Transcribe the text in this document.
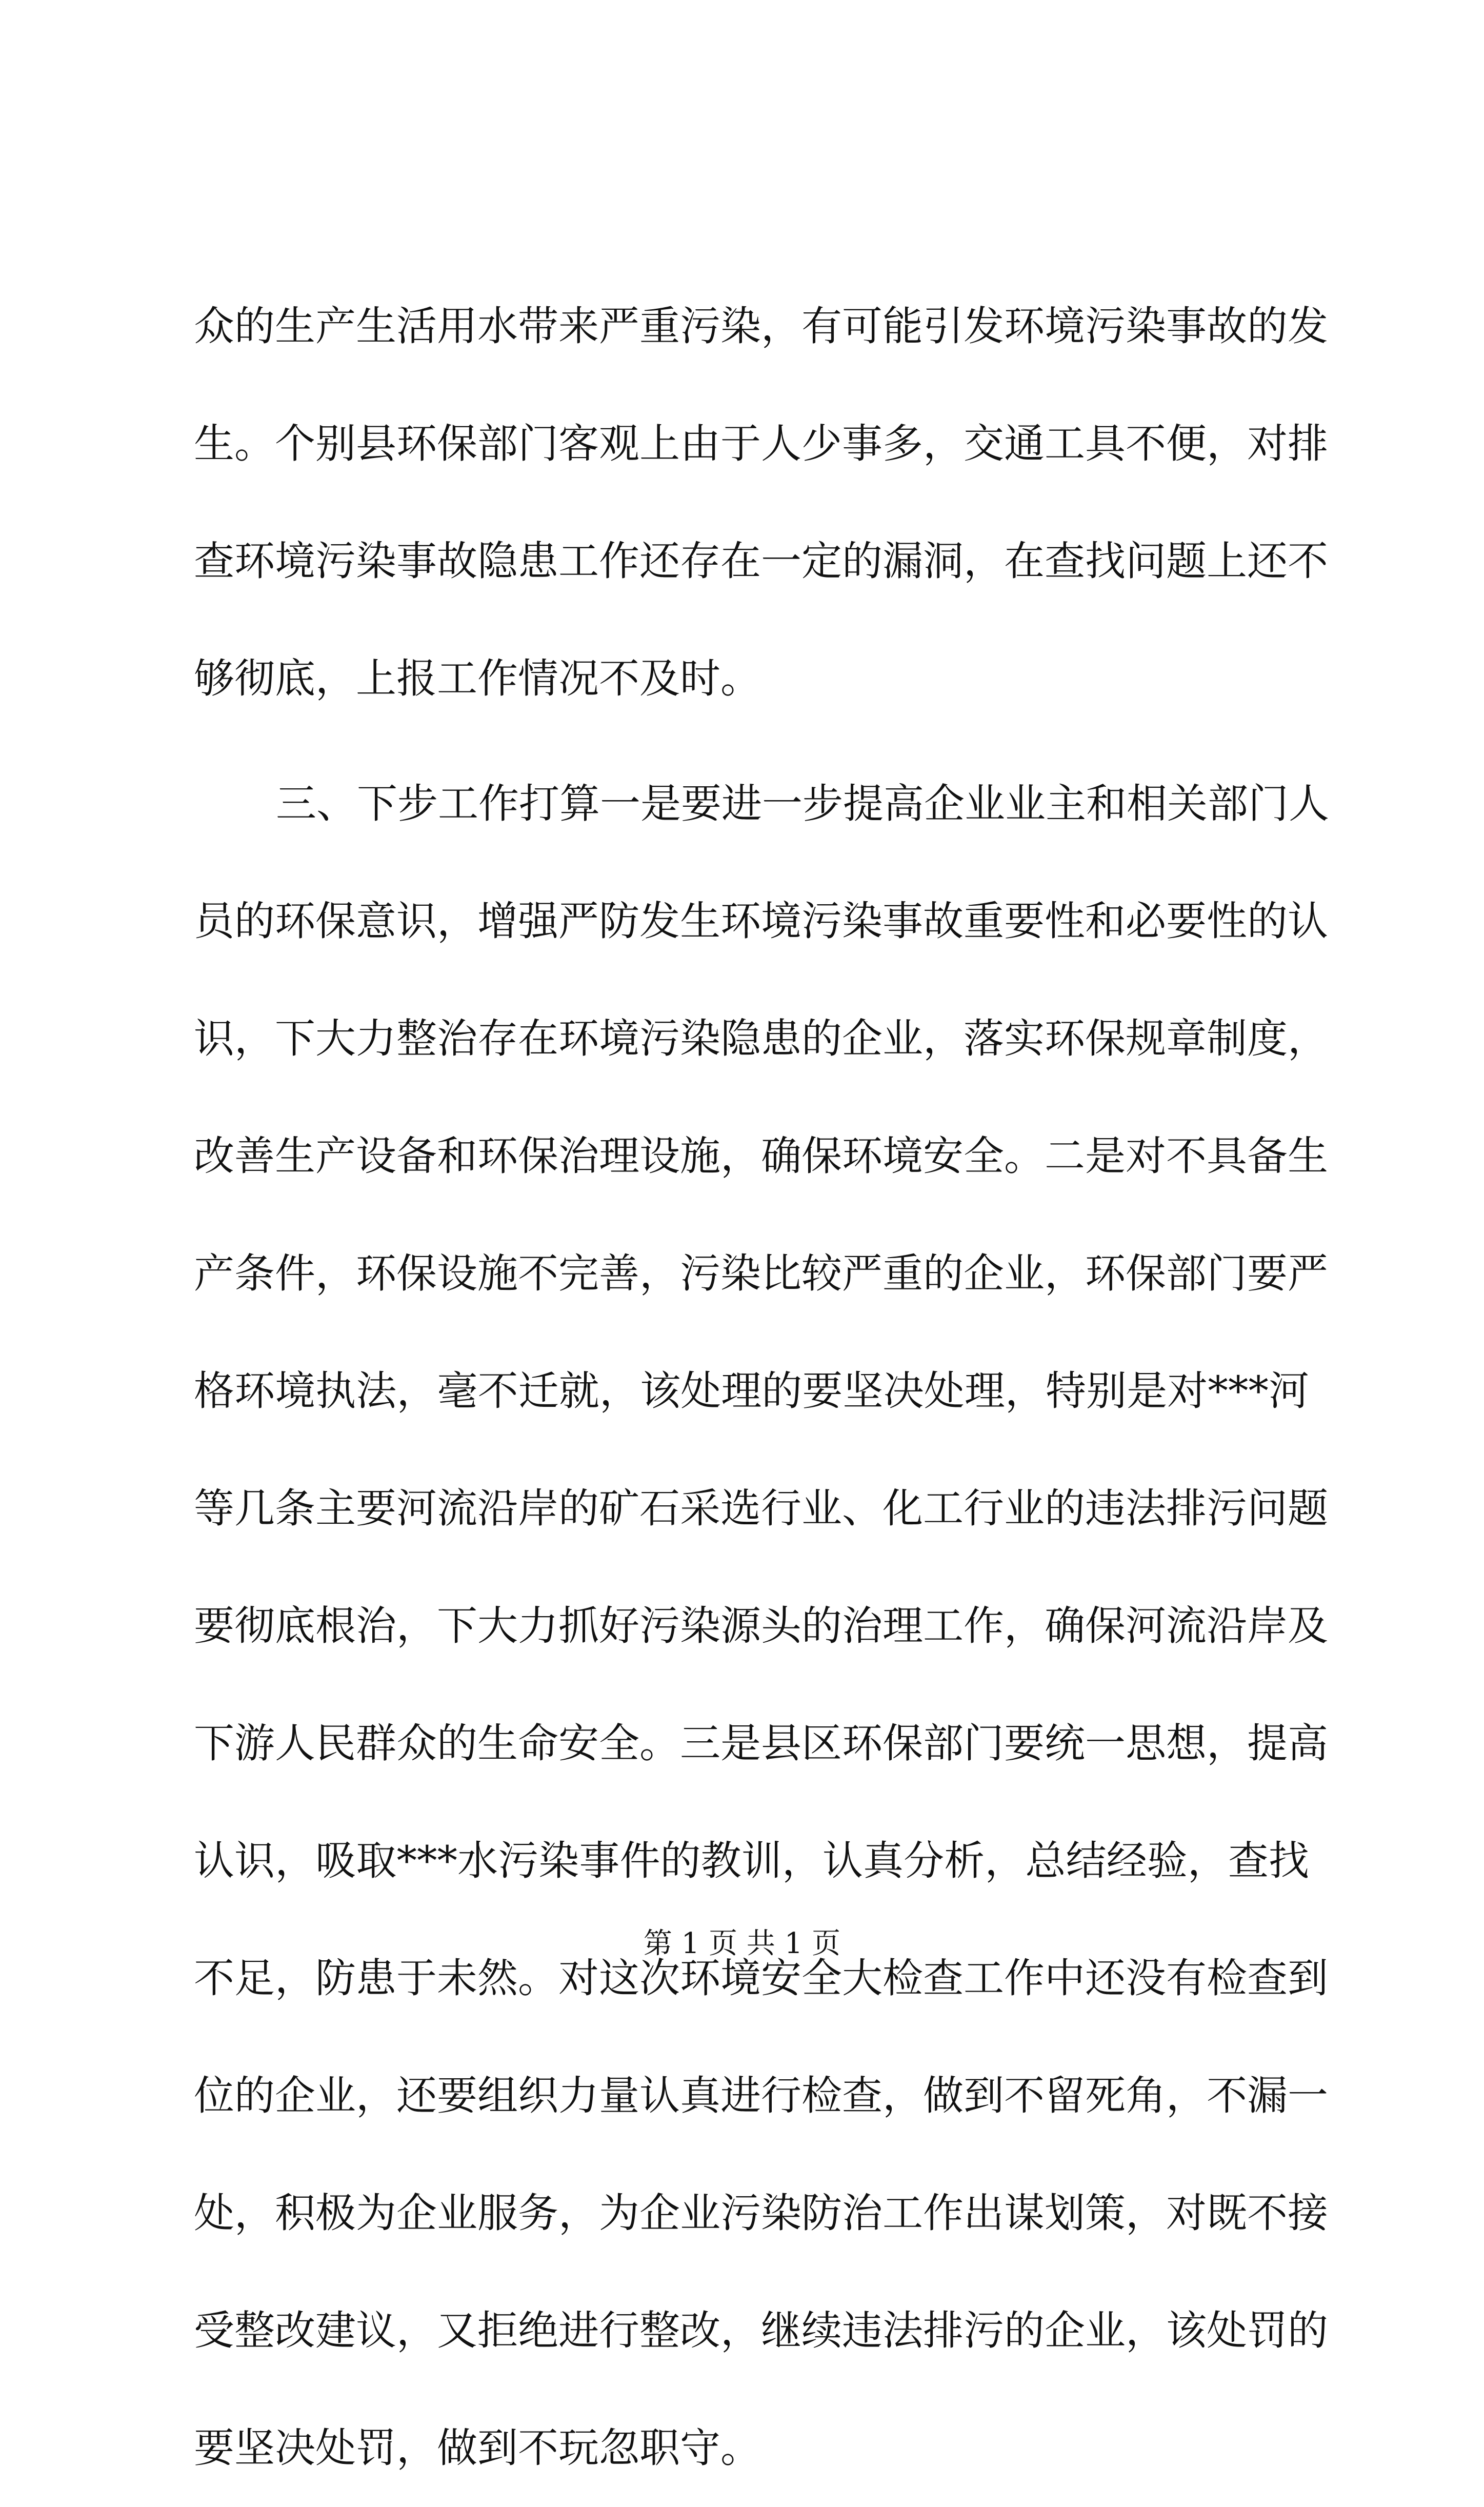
众的生产生活用水带来严重污染，有可能引发环境污染事故的发
生。个别县环保部门客观上由于人少事多，交通工具不便，对排
查环境污染事故隐患工作还存在一定的漏洞，在查找问题上还不
够彻底，上报工作情况不及时。
三、下步工作打算一是要进一步提高企业业主和相关部门人
员的环保意识，增强严防发生环境污染事故重要性和必要性的认
识，下大力整治存在环境污染隐患的企业，落实环保规章制度，
改善生产设备和环保治理设施，确保环境安全。二是对不具备生
产条件，环保设施不完善，污染比较严重的企业，环保部门要严
格环境执法，毫不迁就，该处理的要坚决处理，特别是对***河
等几条主要河流沿岸的矿石采选行业、化工行业的违法排污问题
要彻底根治，下大力抓好污染源头的治理工作，确保河流沿岸及
下游人民群众的生命安全。三是县区环保部门要统一思想，提高
认识，吸取***水污染事件的教训，认真分析，总结经验，查找
不足，防患于未然。对这次环境安全大检查工作中还没有检查到
位的企业，还要组织力量认真进行检查，做到不留死角，不漏一
处，积极为企业服务，为企业污染防治工作出谋划策，对既不接
受整改建议，又拒绝进行整改，继续违法排污的企业，该处罚的
要坚决处罚，做到不玩忽职守。
第 1 页 共 1 页
